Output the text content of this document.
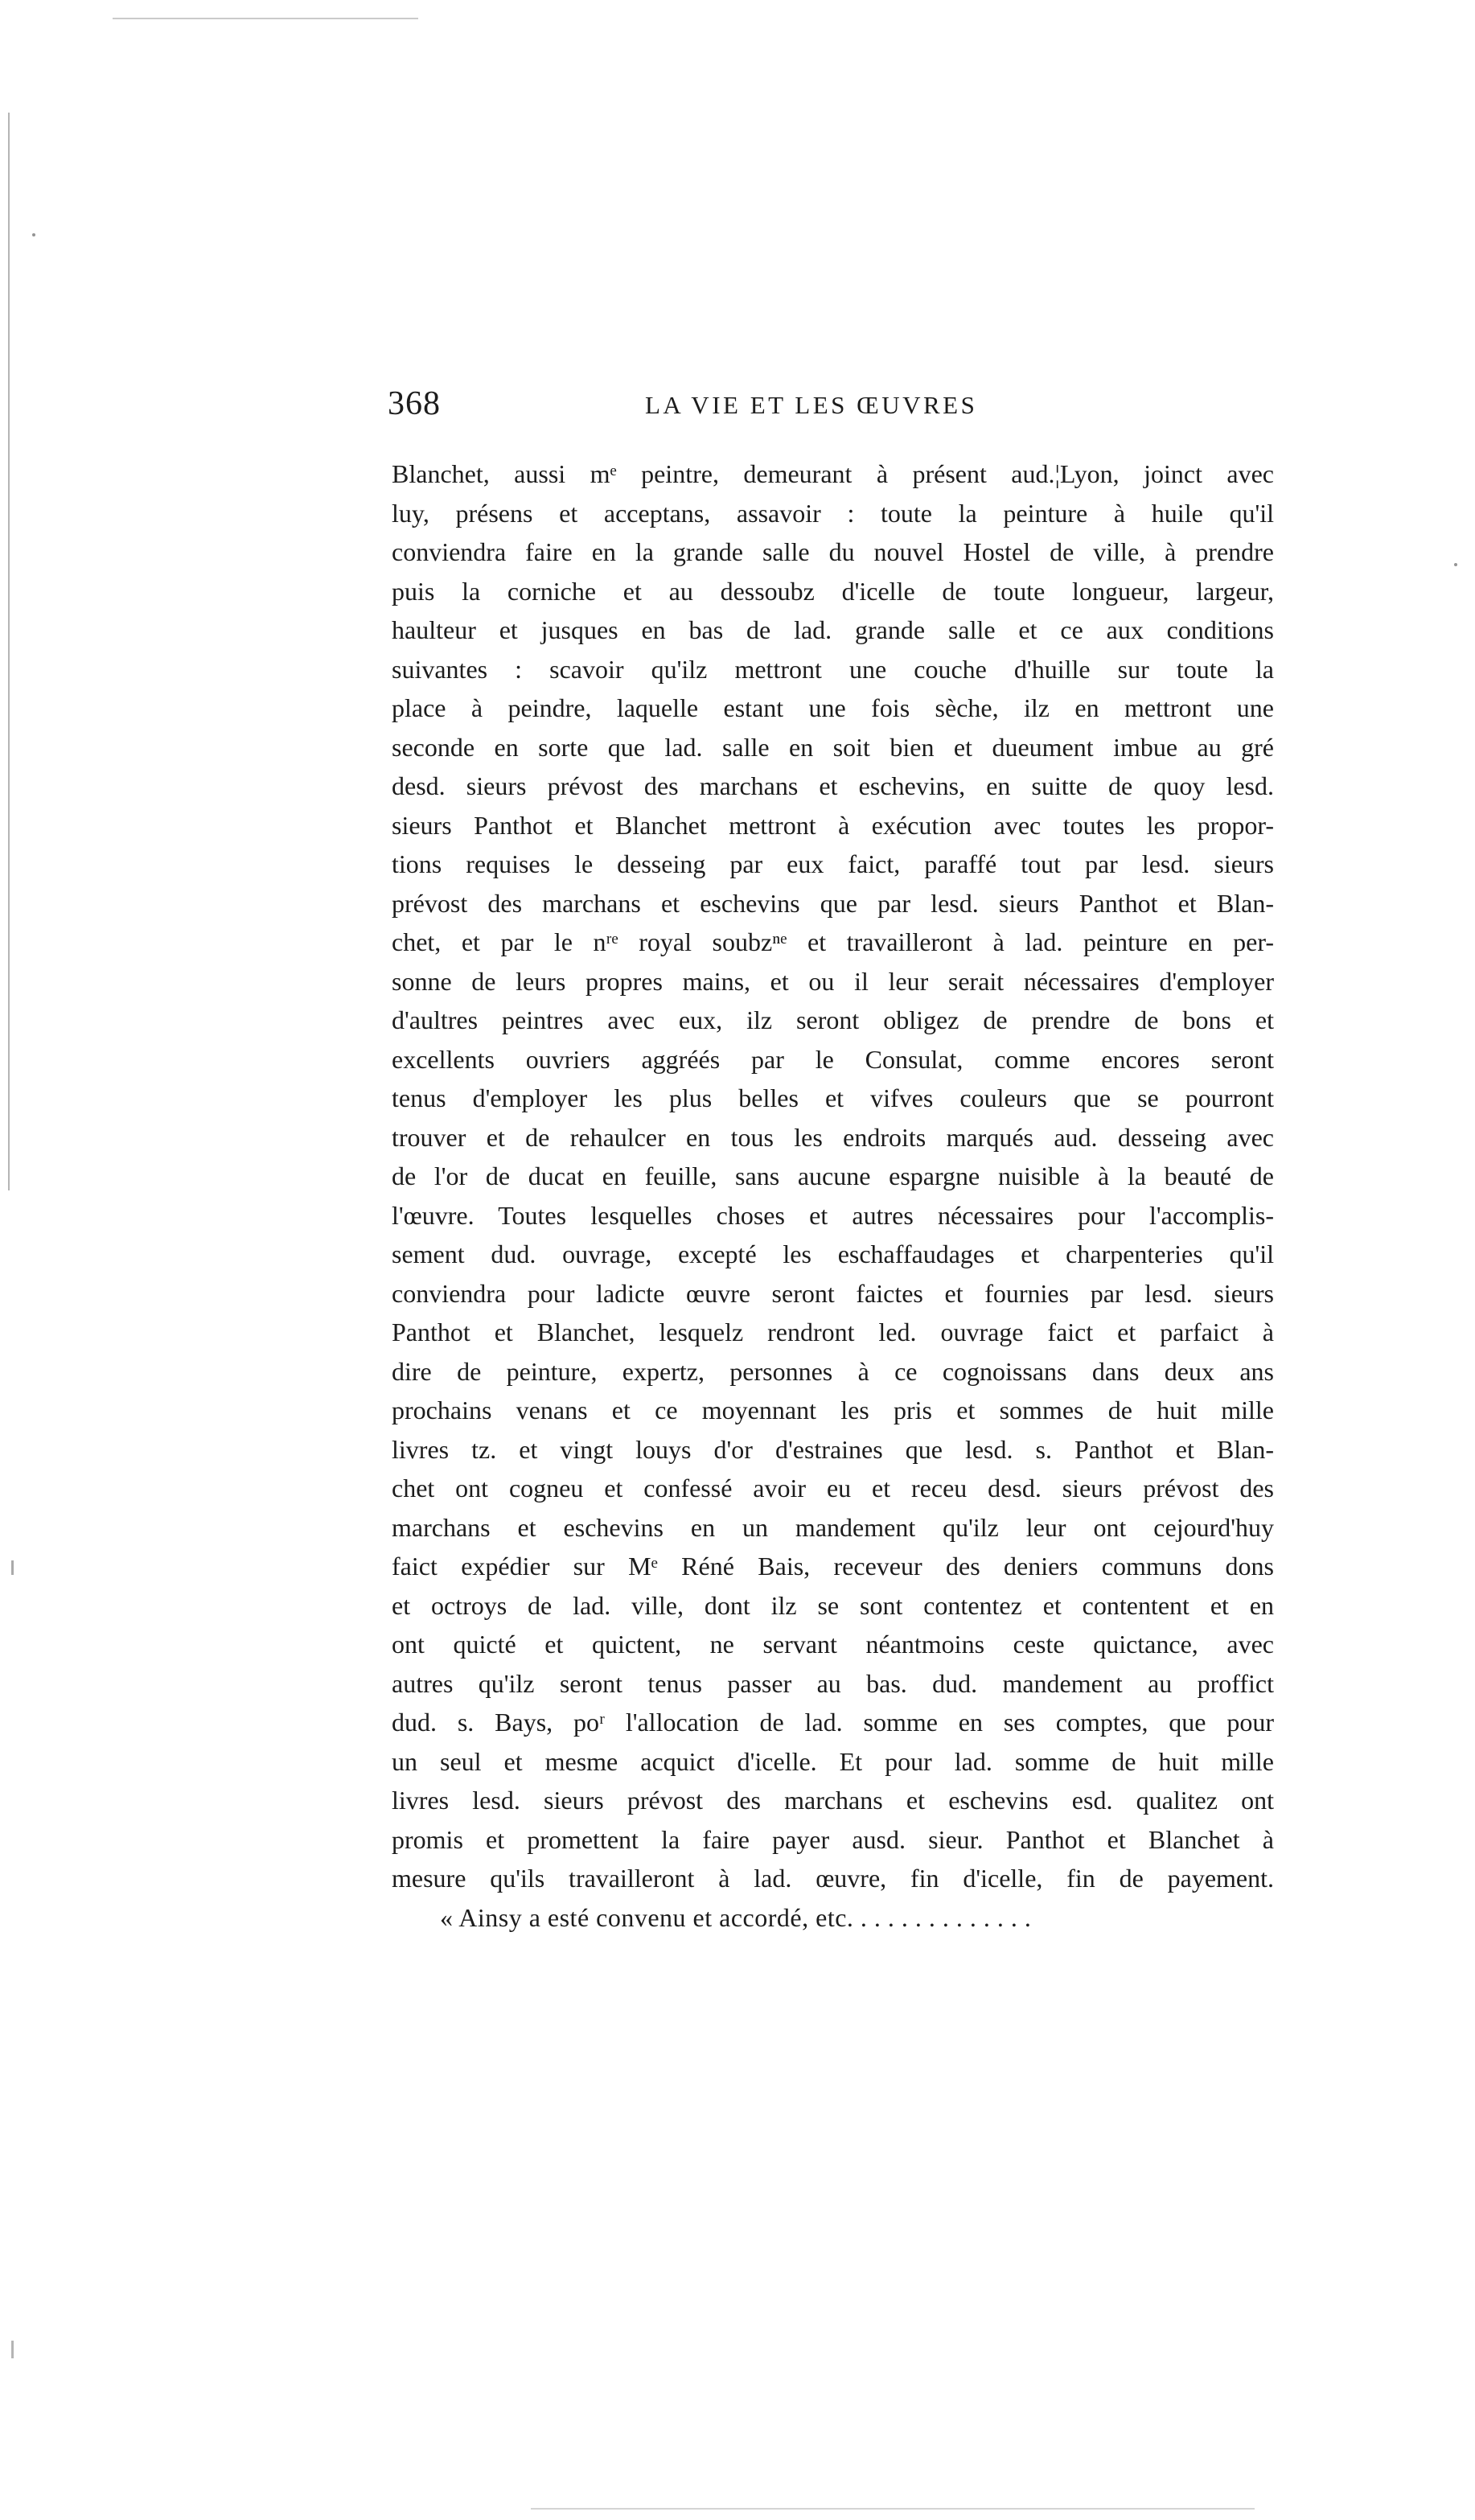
368	LA VIE ET LES ŒUVRES
Blanchet, aussi mᵉ peintre, demeurant à présent aud.¦Lyon, joinct avec
luy, présens et acceptans, assavoir : toute la peinture à huile qu'il
conviendra faire en la grande salle du nouvel Hostel de ville, à prendre
puis la corniche et au dessoubz d'icelle de toute longueur, largeur,
haulteur et jusques en bas de lad. grande salle et ce aux conditions
suivantes : scavoir qu'ilz mettront une couche d'huille sur toute la
place à peindre, laquelle estant une fois sèche, ilz en mettront une
seconde en sorte que lad. salle en soit bien et dueument imbue au gré
desd. sieurs prévost des marchans et eschevins, en suitte de quoy lesd.
sieurs Panthot et Blanchet mettront à exécution avec toutes les propor-
tions requises le desseing par eux faict, paraffé tout par lesd. sieurs
prévost des marchans et eschevins que par lesd. sieurs Panthot et Blan-
chet, et par le nʳᵉ royal soubzⁿᵉ et travailleront à lad. peinture en per-
sonne de leurs propres mains, et ou il leur serait nécessaires d'employer
d'aultres peintres avec eux, ilz seront obligez de prendre de bons et
excellents ouvriers aggréés par le Consulat, comme encores seront
tenus d'employer les plus belles et vifves couleurs que se pourront
trouver et de rehaulcer en tous les endroits marqués aud. desseing avec
de l'or de ducat en feuille, sans aucune espargne nuisible à la beauté de
l'œuvre. Toutes lesquelles choses et autres nécessaires pour l'accomplis-
sement dud. ouvrage, excepté les eschaffaudages et charpenteries qu'il
conviendra pour ladicte œuvre seront faictes et fournies par lesd. sieurs
Panthot et Blanchet, lesquelz rendront led. ouvrage faict et parfaict à
dire de peinture, expertz, personnes à ce cognoissans dans deux ans
prochains venans et ce moyennant les pris et sommes de huit mille
livres tz. et vingt louys d'or d'estraines que lesd. s. Panthot et Blan-
chet ont cogneu et confessé avoir eu et receu desd. sieurs prévost des
marchans et eschevins en un mandement qu'ilz leur ont cejourd'huy
faict expédier sur Mᵉ Réné Bais, receveur des deniers communs dons
et octroys de lad. ville, dont ilz se sont contentez et contentent et en
ont quicté et quictent, ne servant néantmoins ceste quictance, avec
autres qu'ilz seront tenus passer au bas. dud. mandement au proffict
dud. s. Bays, poʳ l'allocation de lad. somme en ses comptes, que pour
un seul et mesme acquict d'icelle. Et pour lad. somme de huit mille
livres lesd. sieurs prévost des marchans et eschevins esd. qualitez ont
promis et promettent la faire payer ausd. sieur. Panthot et Blanchet à
mesure qu'ils travailleront à lad. œuvre, fin d'icelle, fin de payement.
« Ainsy a esté convenu et accordé, etc. . . . . . . . . . . . . .
